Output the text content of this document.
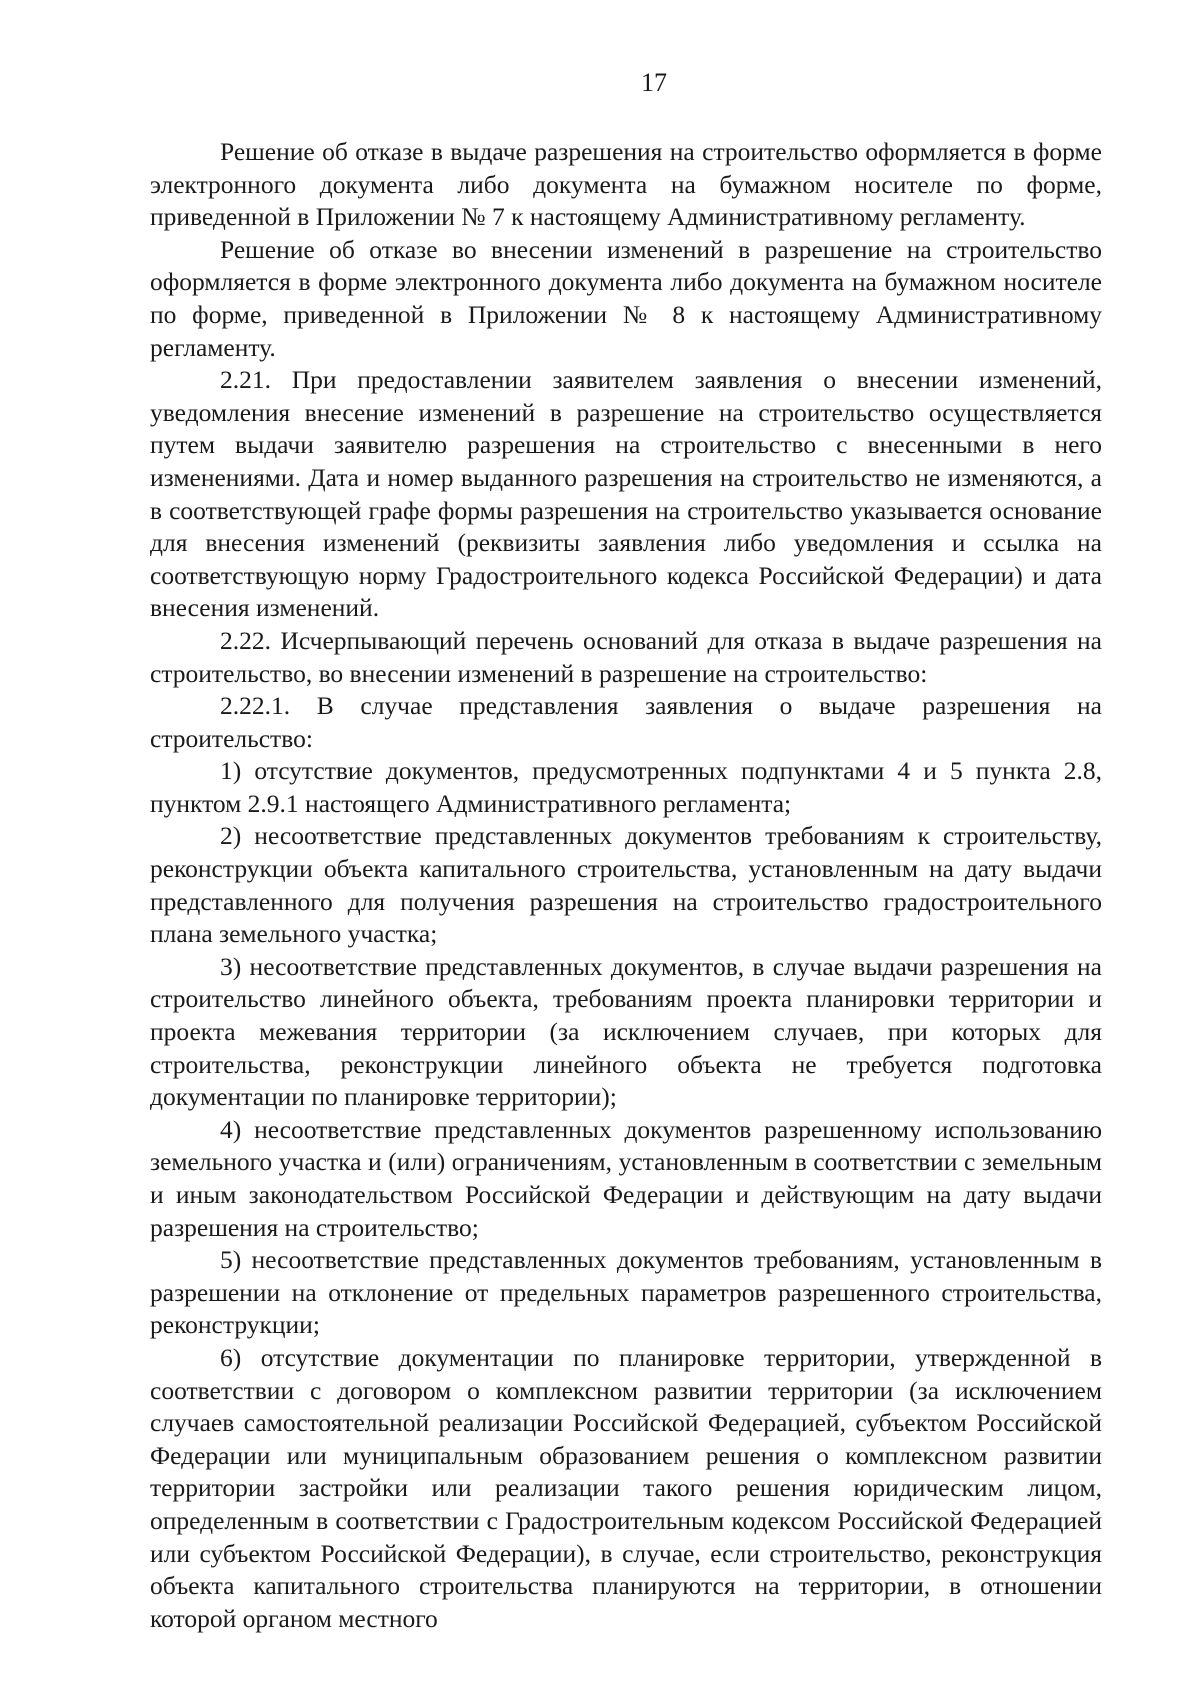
17

Решение об отказе в выдаче разрешения на строительство оформляется в форме электронного документа либо документа на бумажном носителе по форме, приведенной в Приложении № 7 к настоящему Административному регламенту.

Решение об отказе во внесении изменений в разрешение на строительство оформляется в форме электронного документа либо документа на бумажном носителе по форме, приведенной в Приложении № 8 к настоящему Административному регламенту.

2.21. При предоставлении заявителем заявления о внесении изменений, уведомления внесение изменений в разрешение на строительство осуществляется путем выдачи заявителю разрешения на строительство с внесенными в него изменениями. Дата и номер выданного разрешения на строительство не изменяются, а в соответствующей графе формы разрешения на строительство указывается основание для внесения изменений (реквизиты заявления либо уведомления и ссылка на соответствующую норму Градостроительного кодекса Российской Федерации) и дата внесения изменений.

2.22. Исчерпывающий перечень оснований для отказа в выдаче разрешения на строительство, во внесении изменений в разрешение на строительство:

2.22.1. В случае представления заявления о выдаче разрешения на строительство:

1) отсутствие документов, предусмотренных подпунктами 4 и 5 пункта 2.8, пунктом 2.9.1 настоящего Административного регламента;

2) несоответствие представленных документов требованиям к строительству, реконструкции объекта капитального строительства, установленным на дату выдачи представленного для получения разрешения на строительство градостроительного плана земельного участка;

3) несоответствие представленных документов, в случае выдачи разрешения на строительство линейного объекта, требованиям проекта планировки территории и проекта межевания территории (за исключением случаев, при которых для строительства, реконструкции линейного объекта не требуется подготовка документации по планировке территории);

4) несоответствие представленных документов разрешенному использованию земельного участка и (или) ограничениям, установленным в соответствии с земельным и иным законодательством Российской Федерации и действующим на дату выдачи разрешения на строительство;

5) несоответствие представленных документов требованиям, установленным в разрешении на отклонение от предельных параметров разрешенного строительства, реконструкции;

6) отсутствие документации по планировке территории, утвержденной в соответствии с договором о комплексном развитии территории (за исключением случаев самостоятельной реализации Российской Федерацией, субъектом Российской Федерации или муниципальным образованием решения о комплексном развитии территории застройки или реализации такого решения юридическим лицом, определенным в соответствии с Градостроительным кодексом Российской Федерацией или субъектом Российской Федерации), в случае, если строительство, реконструкция объекта капитального строительства планируются на территории, в отношении которой органом местного
